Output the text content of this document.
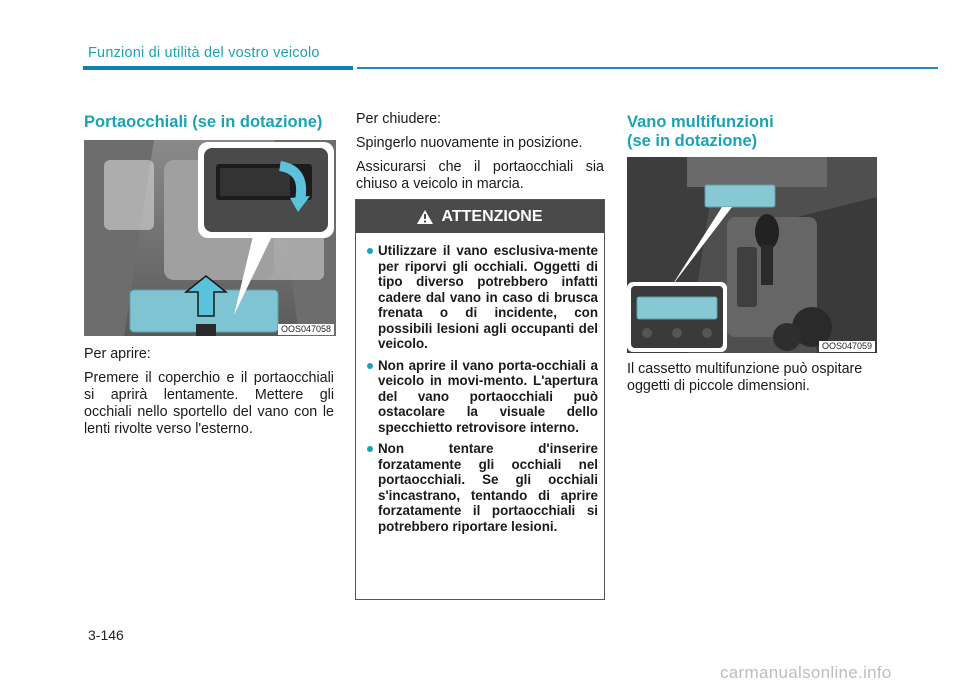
Funzioni di utilità del vostro veicolo
Portaocchiali (se in dotazione)
OOS047058

Per aprire:

Premere il coperchio e il portaocchiali si aprirà lentamente. Mettere gli occhiali nello sportello del vano con le lenti rivolte verso l'esterno.

Per chiudere:

Spingerlo nuovamente in posizione.

Assicurarsi che il portaocchiali sia chiuso a veicolo in marcia.

ATTENZIONE
Utilizzare il vano esclusiva-mente per riporvi gli occhiali. Oggetti di tipo diverso potrebbero infatti cadere dal vano in caso di brusca frenata o di incidente, con possibili lesioni agli occupanti del veicolo.
Non aprire il vano porta-occhiali a veicolo in movi-mento. L'apertura del vano portaocchiali può ostacolare la visuale dello specchietto retrovisore interno.
Non tentare d'inserire forzatamente gli occhiali nel portaocchiali. Se gli occhiali s'incastrano, tentando di aprire forzatamente il portaocchiali si potrebbero riportare lesioni.
Vano multifunzioni
(se in dotazione)
OOS047059

Il cassetto multifunzione può ospitare oggetti di piccole dimensioni.

3-146
carmanualsonline.info
